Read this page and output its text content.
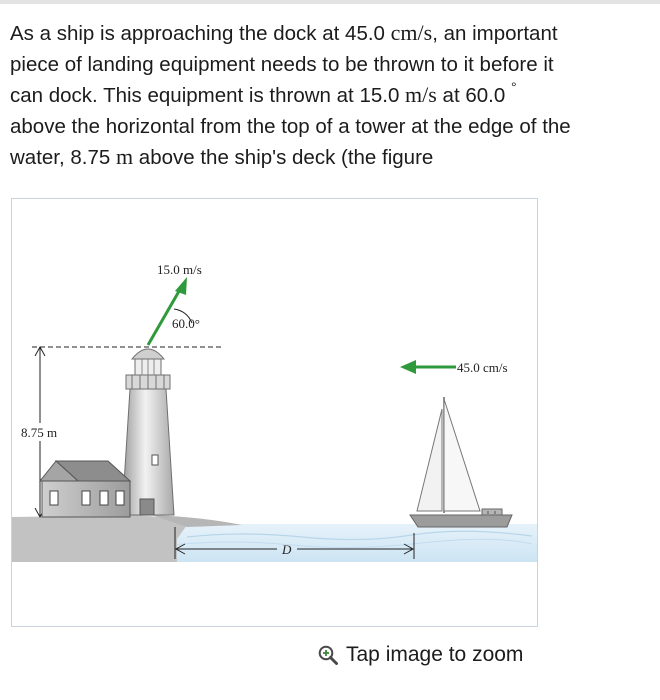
As a ship is approaching the dock at 45.0 cm/s, an important
piece of landing equipment needs to be thrown to it before it
can dock. This equipment is thrown at 15.0 m/s at 60.0 °
above the horizontal from the top of a tower at the edge of the
water, 8.75 m above the ship's deck (the figure
8.75 m
60.0°
15.0 m/s
45.0 cm/s
D
Tap image to zoom
